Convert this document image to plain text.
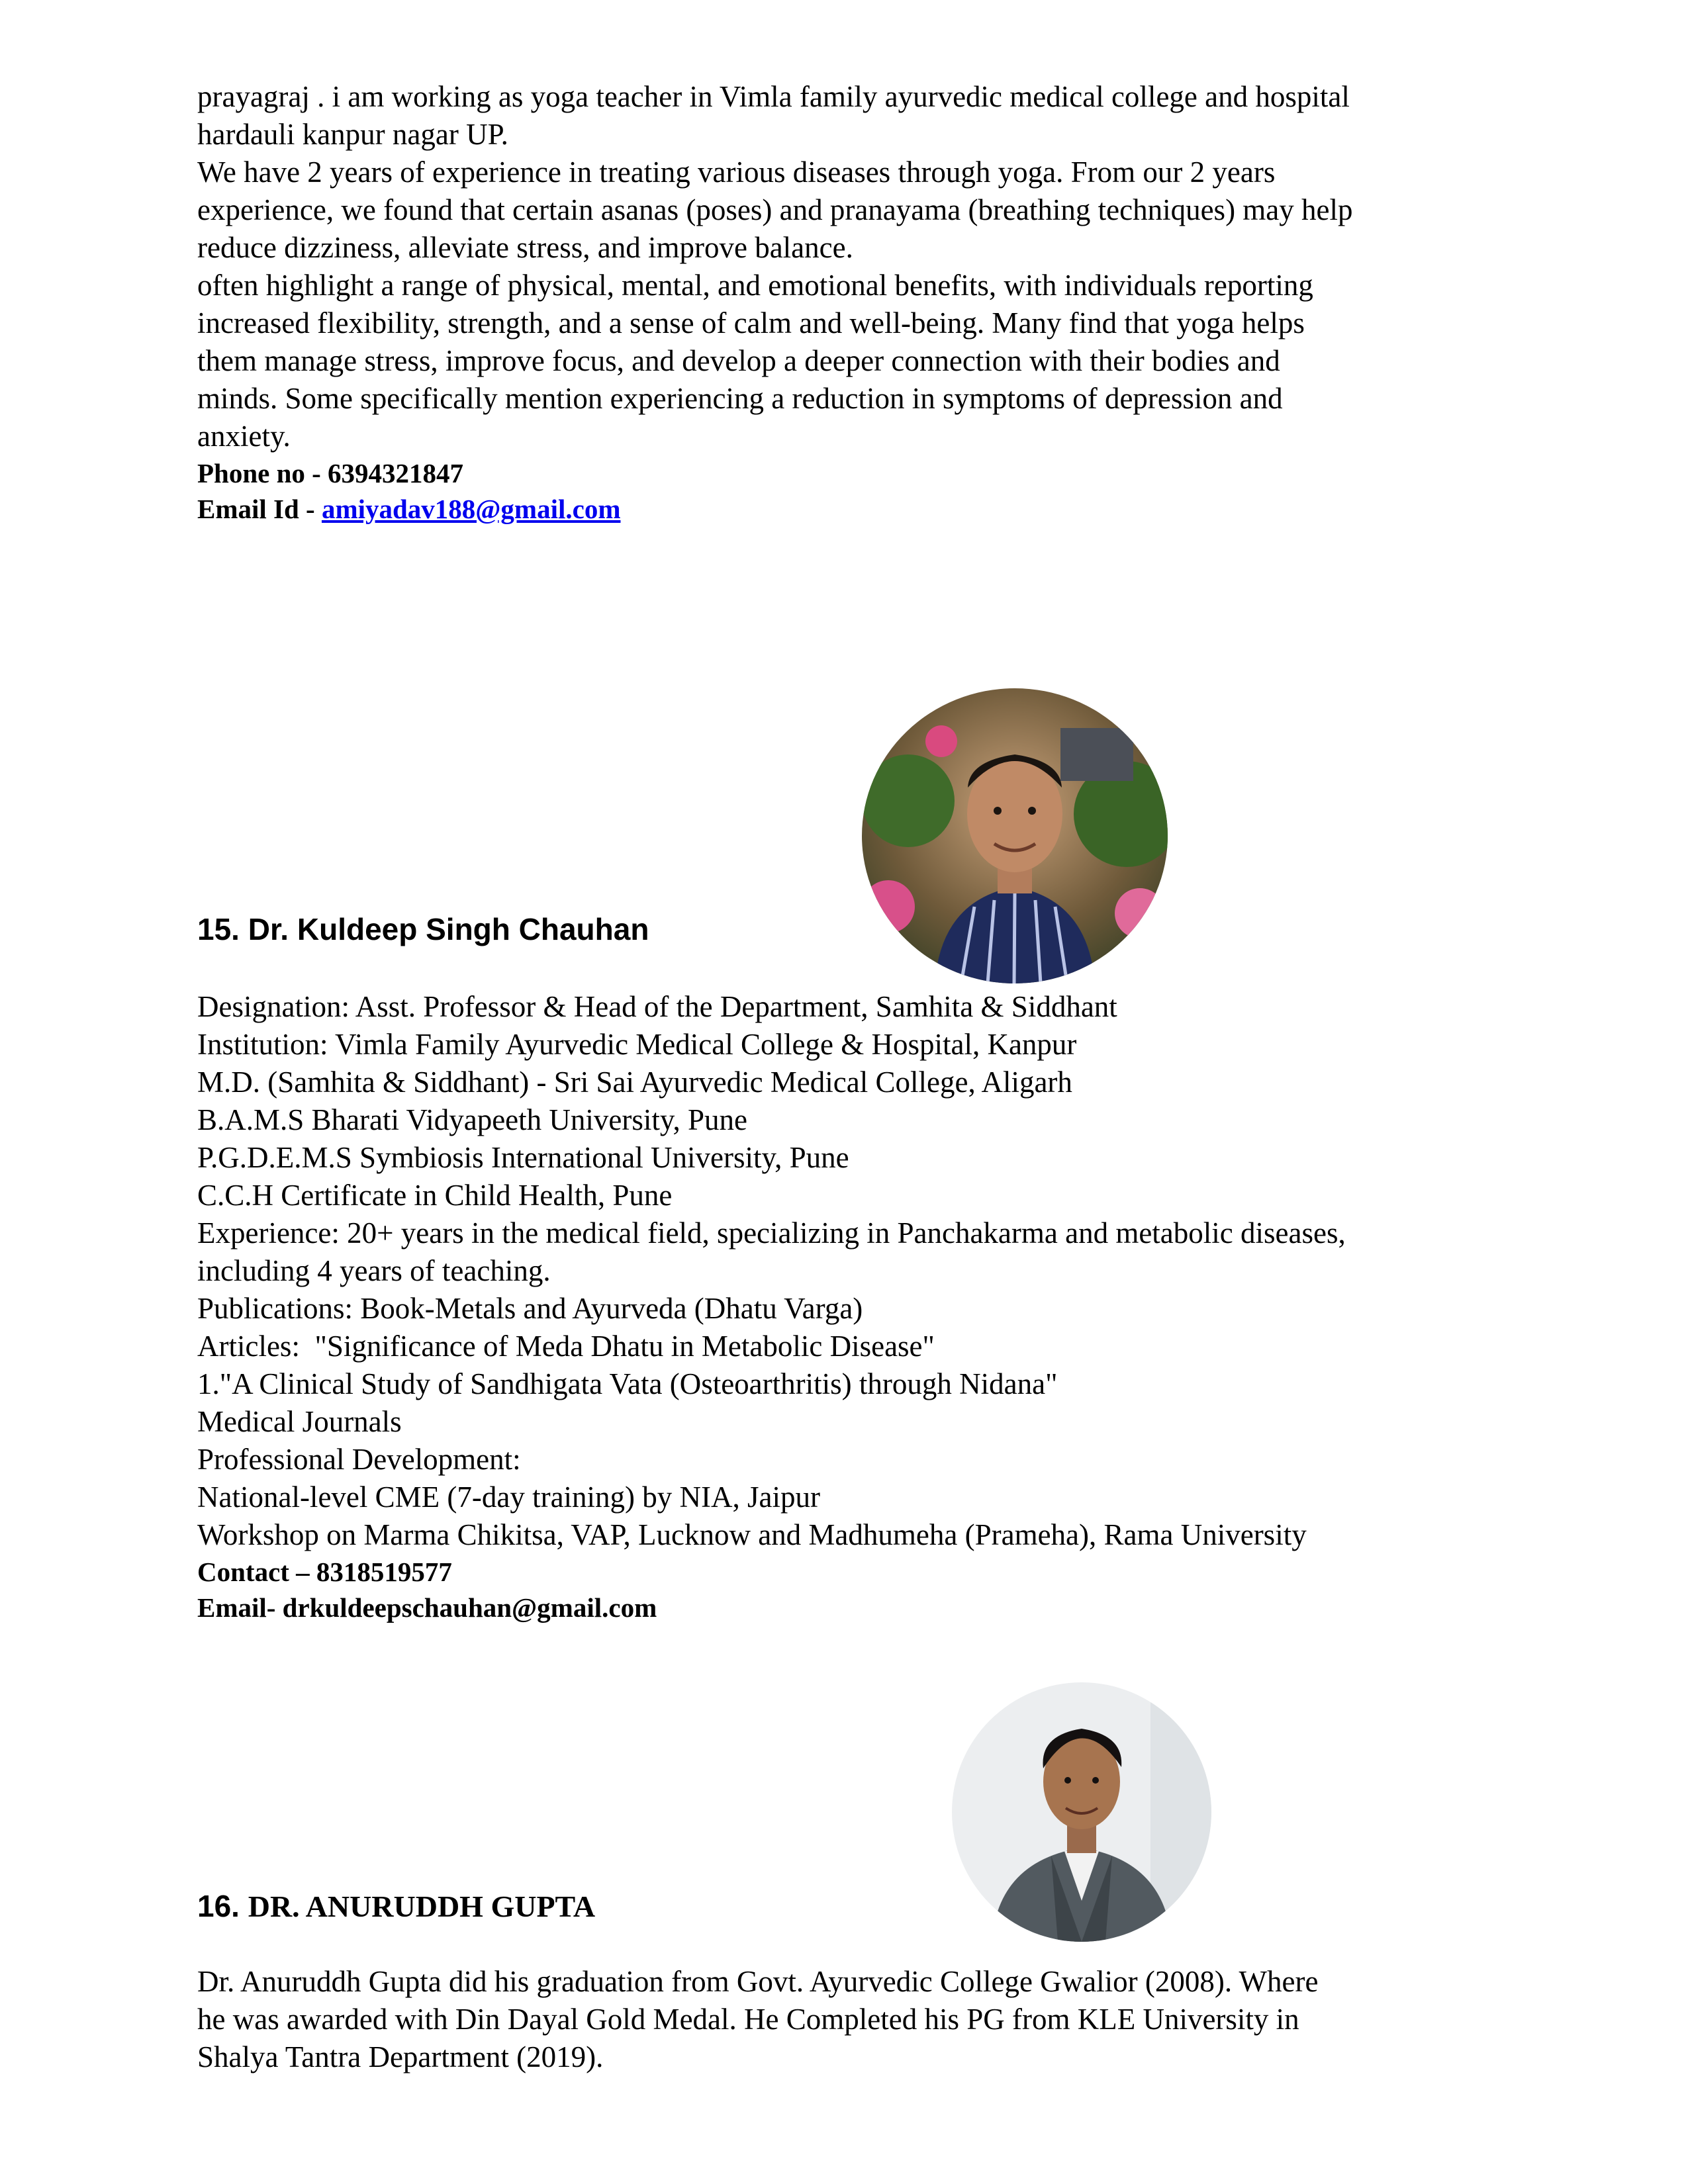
prayagraj . i am working as yoga teacher in Vimla family ayurvedic medical college and hospital

hardauli kanpur nagar UP.

We have 2 years of experience in treating various diseases through yoga. From our 2 years

experience, we found that certain asanas (poses) and pranayama (breathing techniques) may help

reduce dizziness, alleviate stress, and improve balance.

often highlight a range of physical, mental, and emotional benefits, with individuals reporting

increased flexibility, strength, and a sense of calm and well-being. Many find that yoga helps

them manage stress, improve focus, and develop a deeper connection with their bodies and

minds. Some specifically mention experiencing a reduction in symptoms of depression and

anxiety.

Phone no - 6394321847

Email Id - amiyadav188@gmail.com

15. Dr. Kuldeep Singh Chauhan

Designation: Asst. Professor & Head of the Department, Samhita & Siddhant

Institution: Vimla Family Ayurvedic Medical College & Hospital, Kanpur

M.D. (Samhita & Siddhant) - Sri Sai Ayurvedic Medical College, Aligarh

B.A.M.S Bharati Vidyapeeth University, Pune

P.G.D.E.M.S Symbiosis International University, Pune

C.C.H Certificate in Child Health, Pune

Experience: 20+ years in the medical field, specializing in Panchakarma and metabolic diseases,

including 4 years of teaching.

Publications: Book-Metals and Ayurveda (Dhatu Varga)

Articles:  "Significance of Meda Dhatu in Metabolic Disease"

1."A Clinical Study of Sandhigata Vata (Osteoarthritis) through Nidana"

Medical Journals

Professional Development:

National-level CME (7-day training) by NIA, Jaipur

Workshop on Marma Chikitsa, VAP, Lucknow and Madhumeha (Prameha), Rama University

Contact – 8318519577

Email- drkuldeepschauhan@gmail.com

16. DR. ANURUDDH GUPTA

Dr. Anuruddh Gupta did his graduation from Govt. Ayurvedic College Gwalior (2008). Where

he was awarded with Din Dayal Gold Medal. He Completed his PG from KLE University in

Shalya Tantra Department (2019).
